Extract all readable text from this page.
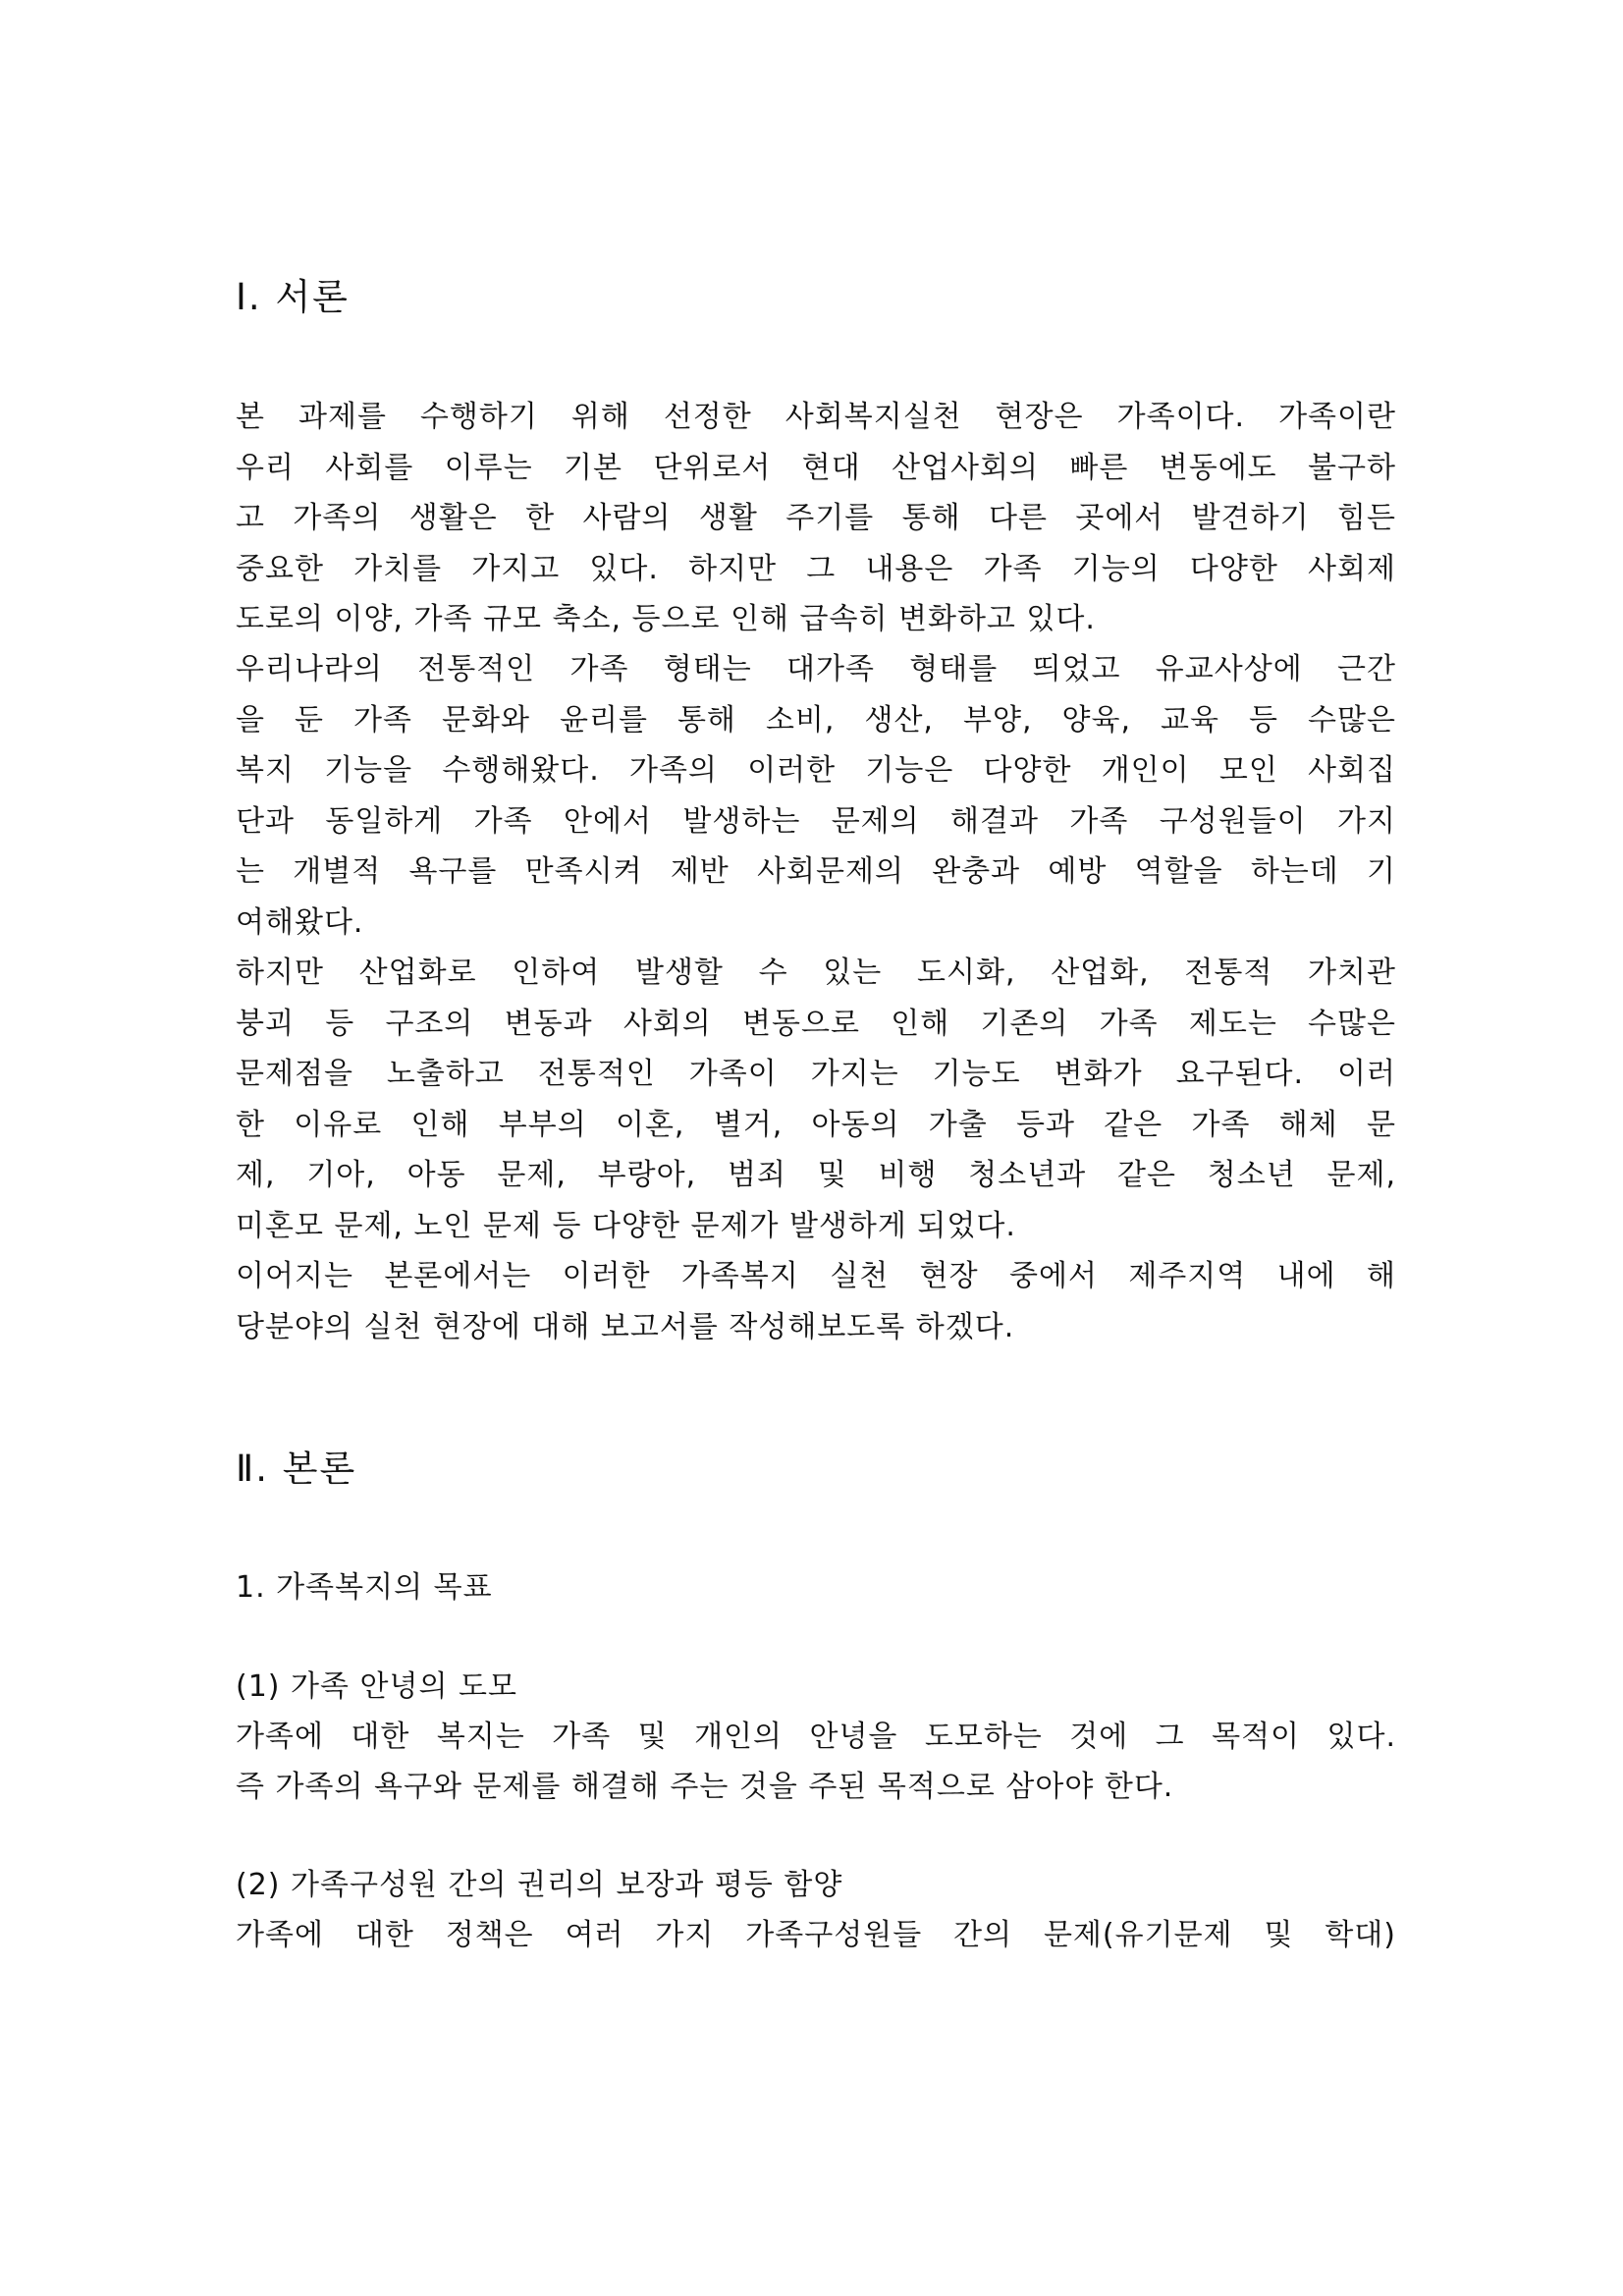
Ⅰ. 서론
본 과제를 수행하기 위해 선정한 사회복지실천 현장은 가족이다. 가족이란
우리 사회를 이루는 기본 단위로서 현대 산업사회의 빠른 변동에도 불구하
고 가족의 생활은 한 사람의 생활 주기를 통해 다른 곳에서 발견하기 힘든
중요한 가치를 가지고 있다. 하지만 그 내용은 가족 기능의 다양한 사회제
도로의 이양, 가족 규모 축소, 등으로 인해 급속히 변화하고 있다.
우리나라의 전통적인 가족 형태는 대가족 형태를 띄었고 유교사상에 근간
을 둔 가족 문화와 윤리를 통해 소비, 생산, 부양, 양육, 교육 등 수많은
복지 기능을 수행해왔다. 가족의 이러한 기능은 다양한 개인이 모인 사회집
단과 동일하게 가족 안에서 발생하는 문제의 해결과 가족 구성원들이 가지
는 개별적 욕구를 만족시켜 제반 사회문제의 완충과 예방 역할을 하는데 기
여해왔다.
하지만 산업화로 인하여 발생할 수 있는 도시화, 산업화, 전통적 가치관
붕괴 등 구조의 변동과 사회의 변동으로 인해 기존의 가족 제도는 수많은
문제점을 노출하고 전통적인 가족이 가지는 기능도 변화가 요구된다. 이러
한 이유로 인해 부부의 이혼, 별거, 아동의 가출 등과 같은 가족 해체 문
제, 기아, 아동 문제, 부랑아, 범죄 및 비행 청소년과 같은 청소년 문제,
미혼모 문제, 노인 문제 등 다양한 문제가 발생하게 되었다.
이어지는 본론에서는 이러한 가족복지 실천 현장 중에서 제주지역 내에 해
당분야의 실천 현장에 대해 보고서를 작성해보도록 하겠다.
Ⅱ. 본론
1. 가족복지의 목표
(1) 가족 안녕의 도모
가족에 대한 복지는 가족 및 개인의 안녕을 도모하는 것에 그 목적이 있다.
즉 가족의 욕구와 문제를 해결해 주는 것을 주된 목적으로 삼아야 한다.
(2) 가족구성원 간의 권리의 보장과 평등 함양
가족에 대한 정책은 여러 가지 가족구성원들 간의 문제(유기문제 및 학대)
